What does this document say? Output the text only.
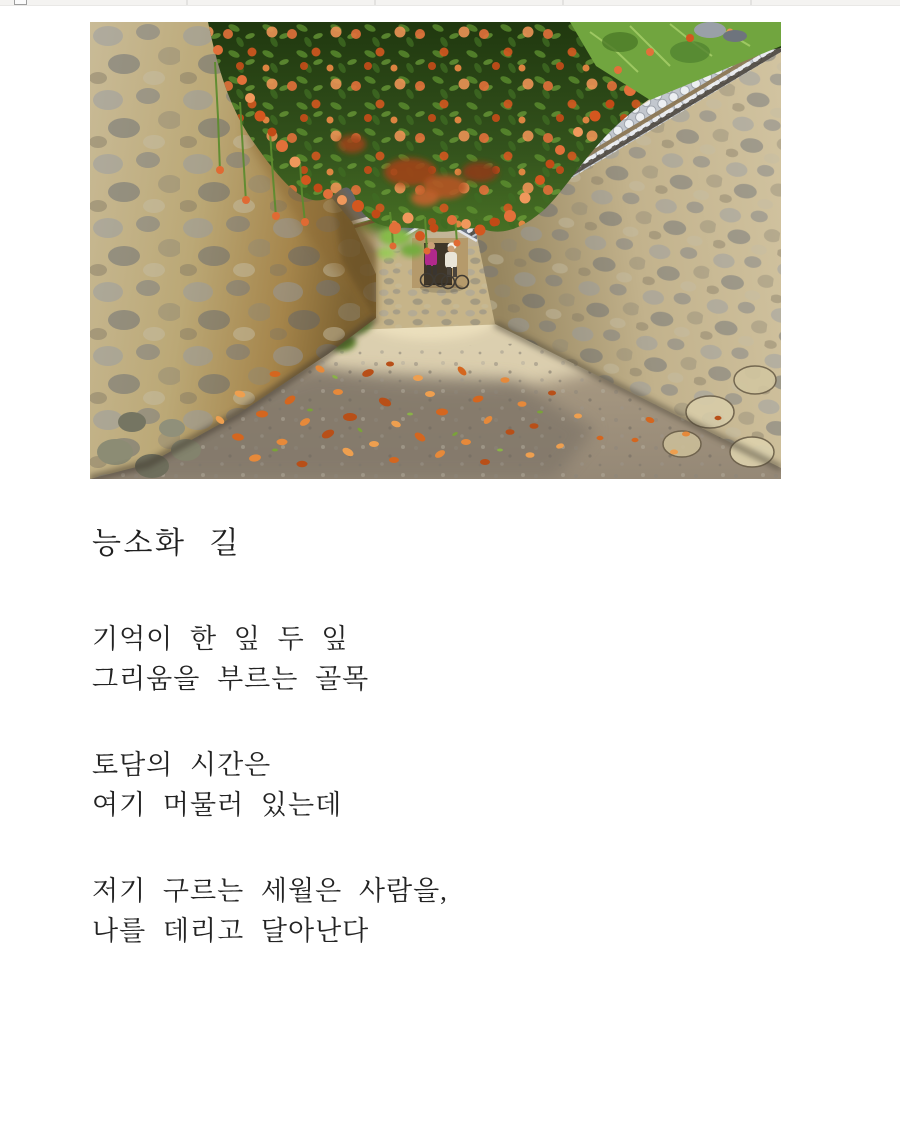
능소화 길
기억이 한 잎 두 잎
그리움을 부르는 골목
토담의 시간은
여기 머물러 있는데
저기 구르는 세월은 사람을,
나를 데리고 달아난다
